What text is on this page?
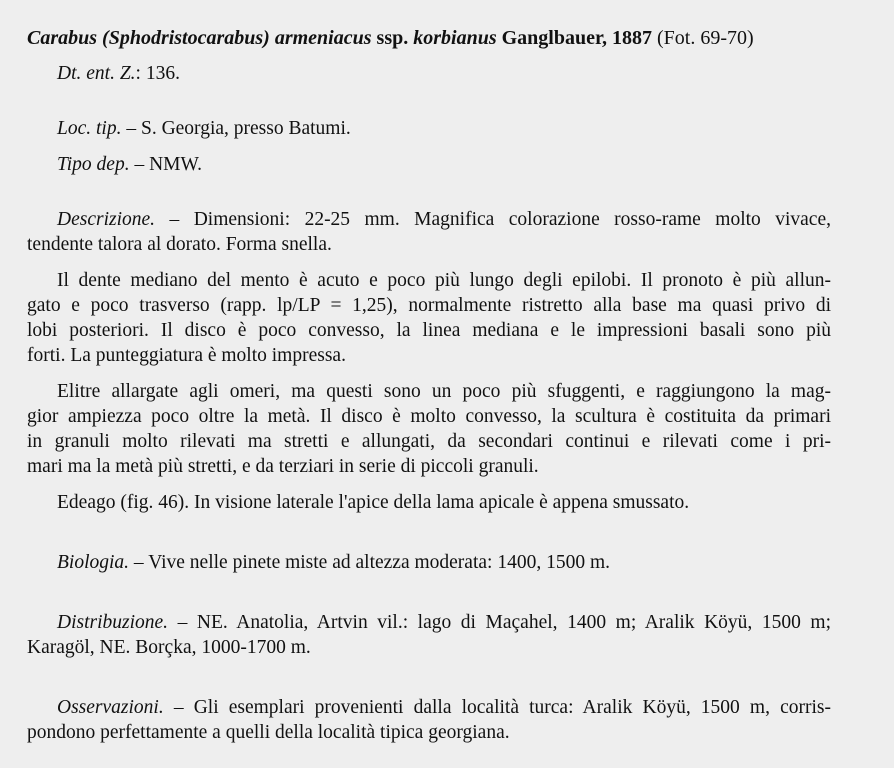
Carabus (Sphodristocarabus) armeniacus ssp. korbianus Ganglbauer, 1887 (Fot. 69-70)
Dt. ent. Z.: 136.
Loc. tip. – S. Georgia, presso Batumi.
Tipo dep. – NMW.
Descrizione. – Dimensioni: 22-25 mm. Magnifica colorazione rosso-rame molto vivace,
tendente talora al dorato. Forma snella.
Il dente mediano del mento è acuto e poco più lungo degli epilobi. Il pronoto è più allun-
gato e poco trasverso (rapp. lp/LP = 1,25), normalmente ristretto alla base ma quasi privo di
lobi posteriori. Il disco è poco convesso, la linea mediana e le impressioni basali sono più
forti. La punteggiatura è molto impressa.
Elitre allargate agli omeri, ma questi sono un poco più sfuggenti, e raggiungono la mag-
gior ampiezza poco oltre la metà. Il disco è molto convesso, la scultura è costituita da primari
in granuli molto rilevati ma stretti e allungati, da secondari continui e rilevati come i pri-
mari ma la metà più stretti, e da terziari in serie di piccoli granuli.
Edeago (fig. 46). In visione laterale l'apice della lama apicale è appena smussato.
Biologia. – Vive nelle pinete miste ad altezza moderata: 1400, 1500 m.
Distribuzione. – NE. Anatolia, Artvin vil.: lago di Maçahel, 1400 m; Aralik Köyü, 1500 m;
Karagöl, NE. Borçka, 1000-1700 m.
Osservazioni. – Gli esemplari provenienti dalla località turca: Aralik Köyü, 1500 m, corris-
pondono perfettamente a quelli della località tipica georgiana.
